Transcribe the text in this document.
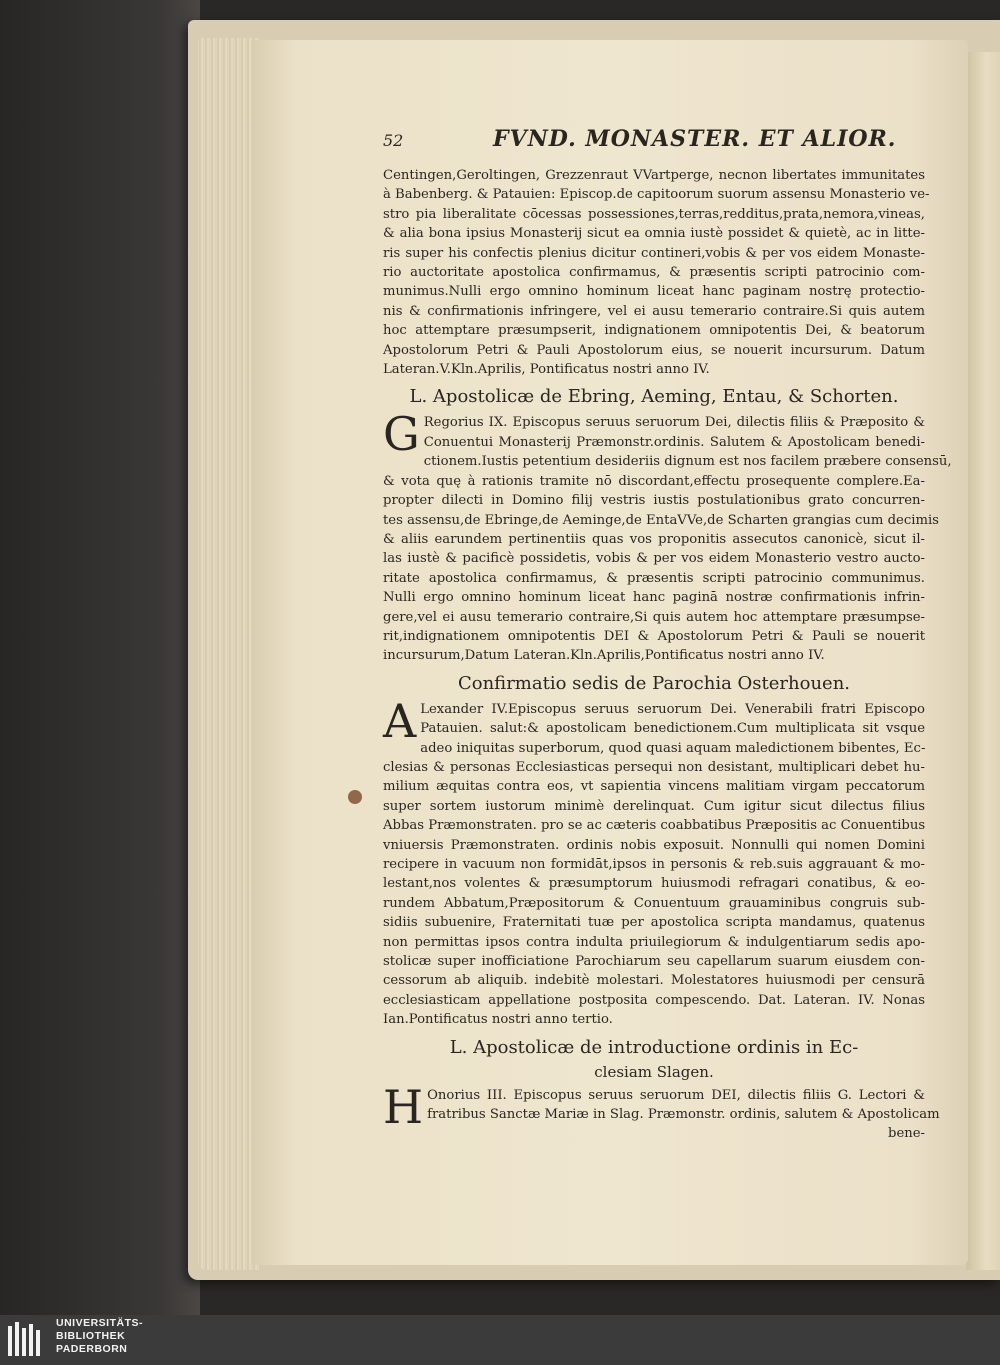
52	FVND. MONASTER. ET ALIOR.
Centingen,Geroltingen, Grezzenraut VVartperge, necnon libertates immunitates
à Babenberg. & Patauien: Episcop.de capitoorum suorum assensu Monasterio ve-
stro pia liberalitate cōcessas possessiones,terras,redditus,prata,nemora,vineas,
& alia bona ipsius Monasterij sicut ea omnia iustè possidet & quietè, ac in litte-
ris super his confectis plenius dicitur contineri,vobis & per vos eidem Monaste-
rio auctoritate apostolica confirmamus, & præsentis scripti patrocinio com-
munimus.Nulli ergo omnino hominum liceat hanc paginam nostrę protectio-
nis & confirmationis infringere, vel ei ausu temerario contraire.Si quis autem
hoc attemptare præsumpserit, indignationem omnipotentis Dei, & beatorum
Apostolorum Petri & Pauli Apostolorum eius, se nouerit incursurum. Datum
Lateran.V.Kln.Aprilis, Pontificatus nostri anno IV.
L. Apostolicæ de Ebring, Aeming, Entau, & Schorten.
G Regorius IX. Episcopus seruus seruorum Dei, dilectis filiis & Præposito &
Conuentui Monasterij Præmonstr.ordinis. Salutem & Apostolicam benedi-
ctionem.Iustis petentium desideriis dignum est nos facilem præbere consensū,
& vota quę à rationis tramite nō discordant,effectu prosequente complere.Ea-
propter dilecti in Domino filij vestris iustis postulationibus grato concurren-
tes assensu,de Ebringe,de Aeminge,de EntaVVe,de Scharten grangias cum decimis
& aliis earundem pertinentiis quas vos proponitis assecutos canonicè, sicut il-
las iustè & pacificè possidetis, vobis & per vos eidem Monasterio vestro aucto-
ritate apostolica confirmamus, & præsentis scripti patrocinio communimus.
Nulli ergo omnino hominum liceat hanc paginā nostræ confirmationis infrin-
gere,vel ei ausu temerario contraire,Si quis autem hoc attemptare præsumpse-
rit,indignationem omnipotentis DEI & Apostolorum Petri & Pauli se nouerit
incursurum,Datum Lateran.Kln.Aprilis,Pontificatus nostri anno IV.
Confirmatio sedis de Parochia Osterhouen.
A Lexander IV.Episcopus seruus seruorum Dei. Venerabili fratri Episcopo
Patauien. salut:& apostolicam benedictionem.Cum multiplicata sit vsque
adeo iniquitas superborum, quod quasi aquam maledictionem bibentes, Ec-
clesias & personas Ecclesiasticas persequi non desistant, multiplicari debet hu-
milium æquitas contra eos, vt sapientia vincens malitiam virgam peccatorum
super sortem iustorum minimè derelinquat. Cum igitur sicut dilectus filius
Abbas Præmonstraten. pro se ac cæteris coabbatibus Præpositis ac Conuentibus
vniuersis Præmonstraten. ordinis nobis exposuit. Nonnulli qui nomen Domini
recipere in vacuum non formidāt,ipsos in personis & reb.suis aggrauant & mo-
lestant,nos volentes & præsumptorum huiusmodi refragari conatibus, & eo-
rundem Abbatum,Præpositorum & Conuentuum grauaminibus congruis sub-
sidiis subuenire, Fraternitati tuæ per apostolica scripta mandamus, quatenus
non permittas ipsos contra indulta priuilegiorum & indulgentiarum sedis apo-
stolicæ super inofficiatione Parochiarum seu capellarum suarum eiusdem con-
cessorum ab aliquib. indebitè molestari. Molestatores huiusmodi per censurā
ecclesiasticam appellatione postposita compescendo. Dat. Lateran. IV. Nonas
Ian.Pontificatus nostri anno tertio.
L. Apostolicæ de introductione ordinis in Ec-
clesiam Slagen.
H Onorius III. Episcopus seruus seruorum DEI, dilectis filiis G. Lectori &
fratribus Sanctæ Mariæ in Slag. Præmonstr. ordinis, salutem & Apostolicam
bene-
UNIVERSITÄTS-
BIBLIOTHEK
PADERBORN
